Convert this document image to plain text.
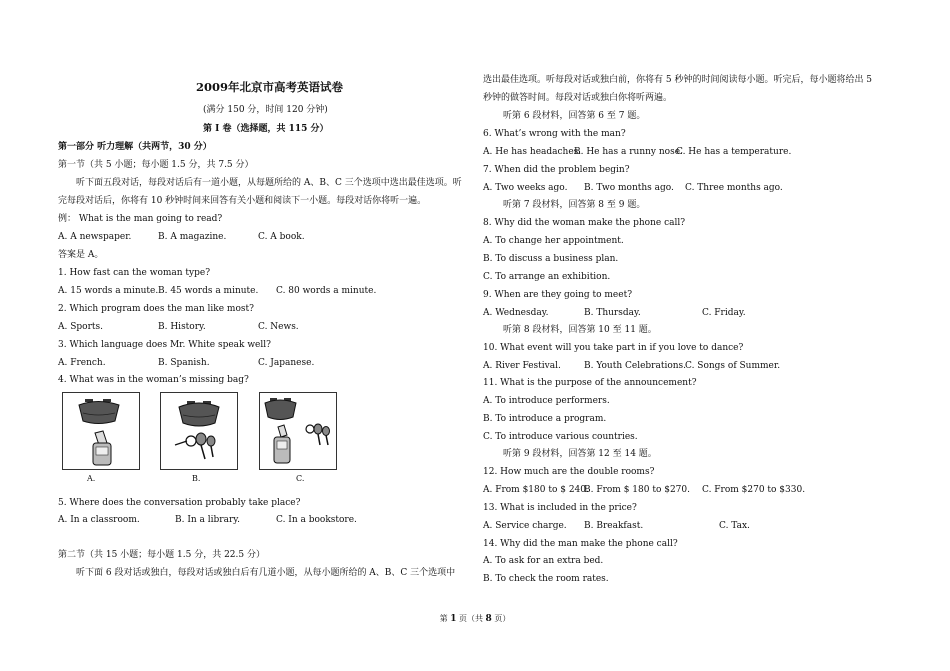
2009年北京市高考英语试卷
(满分 150 分，时间 120 分钟)
第 I 卷（选择题，共 115 分）
第一部分 听力理解（共两节，30 分）
第一节（共 5 小题；每小题 1.5 分，共 7.5 分）
听下面五段对话，每段对话后有一道小题，从每题所给的 A、B、C 三个选项中选出最佳选项。听
完每段对话后，你将有 10 秒钟时间来回答有关小题和阅读下一小题。每段对话你将听一遍。
例： What is the man going to read?
A. A newspaper.	B. A magazine.	C. A book.
答案是 A。
1. How fast can the woman type?
A. 15 words a minute. B. 45 words a minute. C. 80 words a minute.
2. Which program does the man like most?
A. Sports.	B. History.	C. News.
3. Which language does Mr. White speak well?
A. French.	B. Spanish.	C. Japanese.
4. What was in the woman’s missing bag?
A.	B.	C.
5. Where does the conversation probably take place?
A. In a classroom.	B. In a library.	C. In a bookstore.
第二节（共 15 小题；每小题 1.5 分，共 22.5 分）
听下面 6 段对话或独白，每段对话或独白后有几道小题，从每小题所给的 A、B、C 三个选项中
选出最佳选项。听每段对话或独白前，你将有 5 秒钟的时间阅读每小题。听完后，每小题将给出 5
秒钟的做答时间。每段对话或独白你将听两遍。
听第 6 段材料，回答第 6 至 7 题。
6. What’s wrong with the man?
A. He has headaches.
B. He has a runny nose.
C. He has a temperature.
7. When did the problem begin?
A. Two weeks ago. B. Two months ago. C. Three months ago.
听第 7 段材料，回答第 8 至 9 题。
8. Why did the woman make the phone call?
A. To change her appointment.
B. To discuss a business plan.
C. To arrange an exhibition.
9. When are they going to meet?
A. Wednesday.	B. Thursday.	C. Friday.
听第 8 段材料，回答第 10 至 11 题。
10. What event will you take part in if you love to dance?
A. River Festival.	B. Youth Celebrations.
C. Songs of Summer.
11. What is the purpose of the announcement?
A. To introduce performers.
B. To introduce a program.
C. To introduce various countries.
听第 9 段材料，回答第 12 至 14 题。
12. How much are the double rooms?
A. From $180 to $ 240.
B. From $ 180 to $270. C. From $270 to $330.
13. What is included in the price?
A. Service charge. B. Breakfast.	C. Tax.
14. Why did the man make the phone call?
A. To ask for an extra bed.
B. To check the room rates.
第 1 页（共 8 页）
